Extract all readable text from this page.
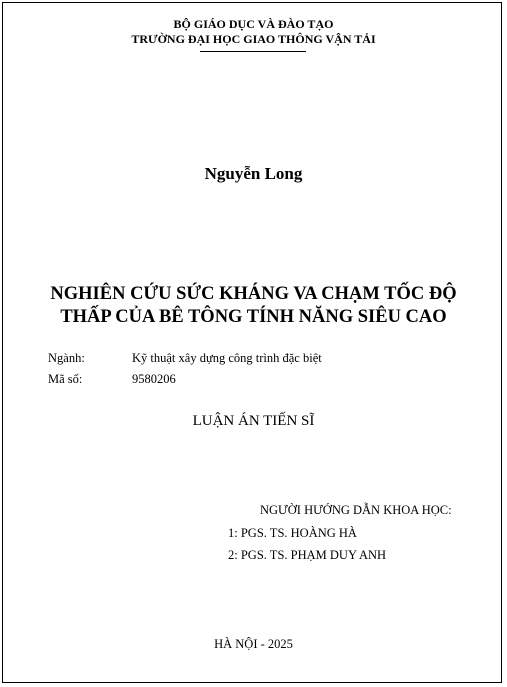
BỘ GIÁO DỤC VÀ ĐÀO TẠO
TRƯỜNG ĐẠI HỌC GIAO THÔNG VẬN TẢI
Nguyễn Long
NGHIÊN CỨU SỨC KHÁNG VA CHẠM TỐC ĐỘ
THẤP CỦA BÊ TÔNG TÍNH NĂNG SIÊU CAO
Ngành:	Kỹ thuật xây dựng công trình đặc biệt
Mã số:	9580206
LUẬN ÁN TIẾN SĨ
NGƯỜI HƯỚNG DẪN KHOA HỌC:
1: PGS. TS. HOÀNG HÀ
2: PGS. TS. PHẠM DUY ANH
HÀ NỘI - 2025
